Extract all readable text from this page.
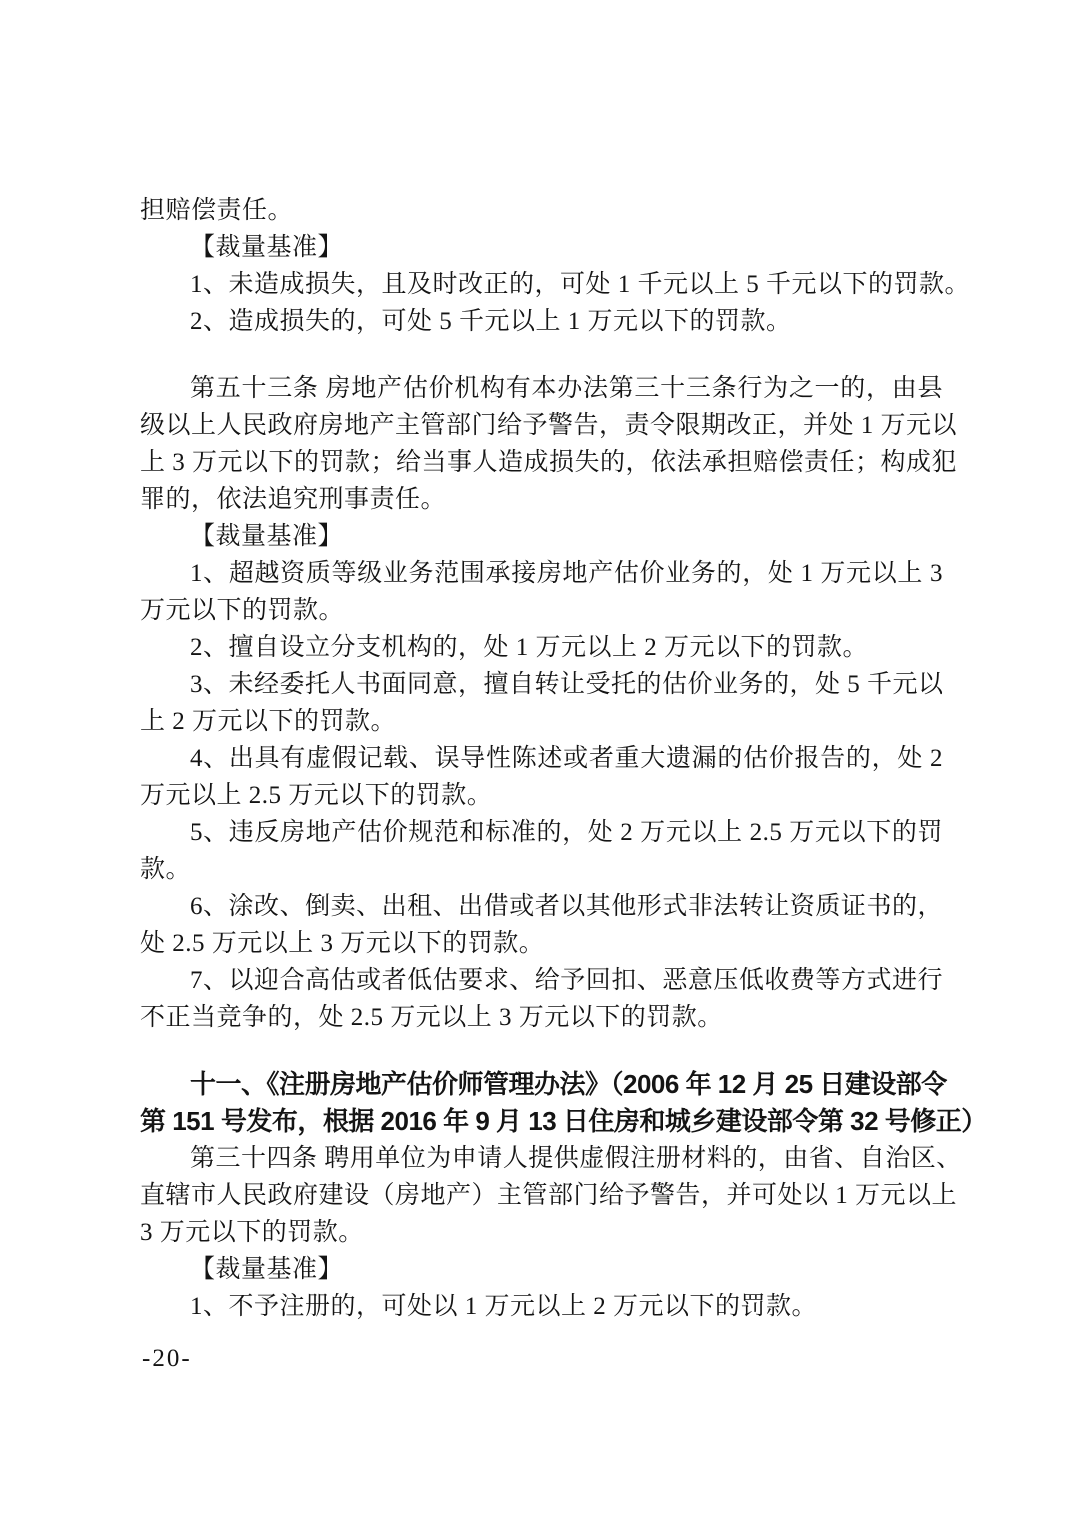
担赔偿责任。
【裁量基准】
1、未造成损失，且及时改正的，可处 1 千元以上 5 千元以下的罚款。
2、造成损失的，可处 5 千元以上 1 万元以下的罚款。
第五十三条 房地产估价机构有本办法第三十三条行为之一的，由县
级以上人民政府房地产主管部门给予警告，责令限期改正，并处 1 万元以
上 3 万元以下的罚款；给当事人造成损失的，依法承担赔偿责任；构成犯
罪的，依法追究刑事责任。
【裁量基准】
1、超越资质等级业务范围承接房地产估价业务的，处 1 万元以上 3
万元以下的罚款。
2、擅自设立分支机构的，处 1 万元以上 2 万元以下的罚款。
3、未经委托人书面同意，擅自转让受托的估价业务的，处 5 千元以
上 2 万元以下的罚款。
4、出具有虚假记载、误导性陈述或者重大遗漏的估价报告的，处 2
万元以上 2.5 万元以下的罚款。
5、违反房地产估价规范和标准的，处 2 万元以上 2.5 万元以下的罚
款。
6、涂改、倒卖、出租、出借或者以其他形式非法转让资质证书的，
处 2.5 万元以上 3 万元以下的罚款。
7、以迎合高估或者低估要求、给予回扣、恶意压低收费等方式进行
不正当竞争的，处 2.5 万元以上 3 万元以下的罚款。
十一、《注册房地产估价师管理办法》（2006 年 12 月 25 日建设部令
第 151 号发布，根据 2016 年 9 月 13 日住房和城乡建设部令第 32 号修正）
第三十四条 聘用单位为申请人提供虚假注册材料的，由省、自治区、
直辖市人民政府建设（房地产）主管部门给予警告，并可处以 1 万元以上
3 万元以下的罚款。
【裁量基准】
1、不予注册的，可处以 1 万元以上 2 万元以下的罚款。
-20-
